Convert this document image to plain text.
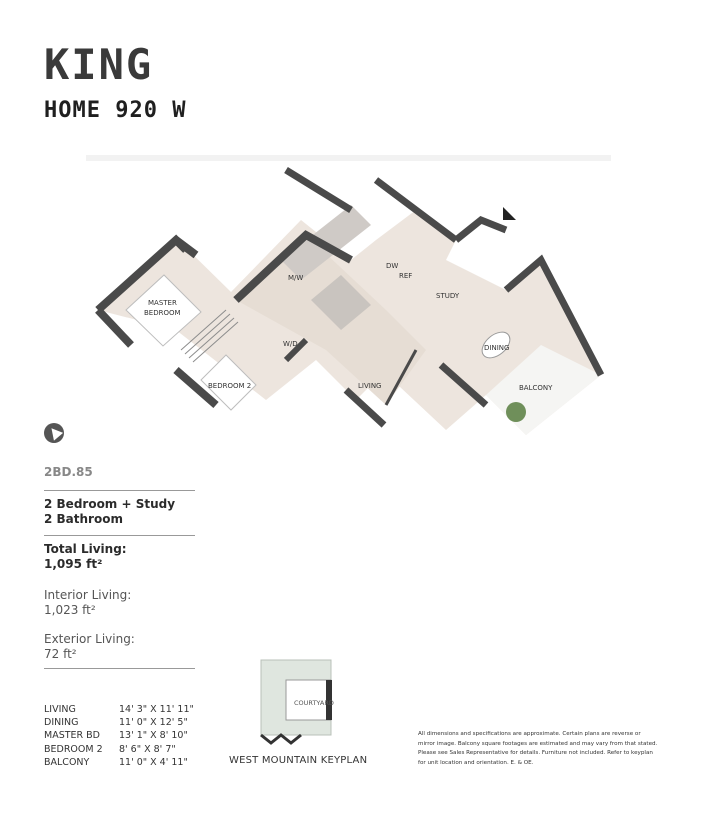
KING
HOME 920 W
MASTER
BEDROOM
BEDROOM 2	LIVING
DINING
BALCONY
STUDY
M/W
DW
REF
W/D
2BD.85
2 Bedroom + Study
2 Bathroom
Total Living:
1,095 ft²
Interior Living:
1,023 ft²
Exterior Living:
72 ft²
LIVING	14' 3" X 11' 11"
DINING	11' 0" X 12' 5"
MASTER BD	13' 1" X 8' 10"
BEDROOM 2	8' 6" X 8' 7"
BALCONY	11' 0" X 4' 11"
COURTYARD
WEST MOUNTAIN KEYPLAN
All dimensions and specifications are approximate. Certain plans are reverse or mirror image. Balcony square footages are estimated and may vary from that stated. Please see Sales Representative for details. Furniture not included. Refer to keyplan for unit location and orientation. E. & OE.
